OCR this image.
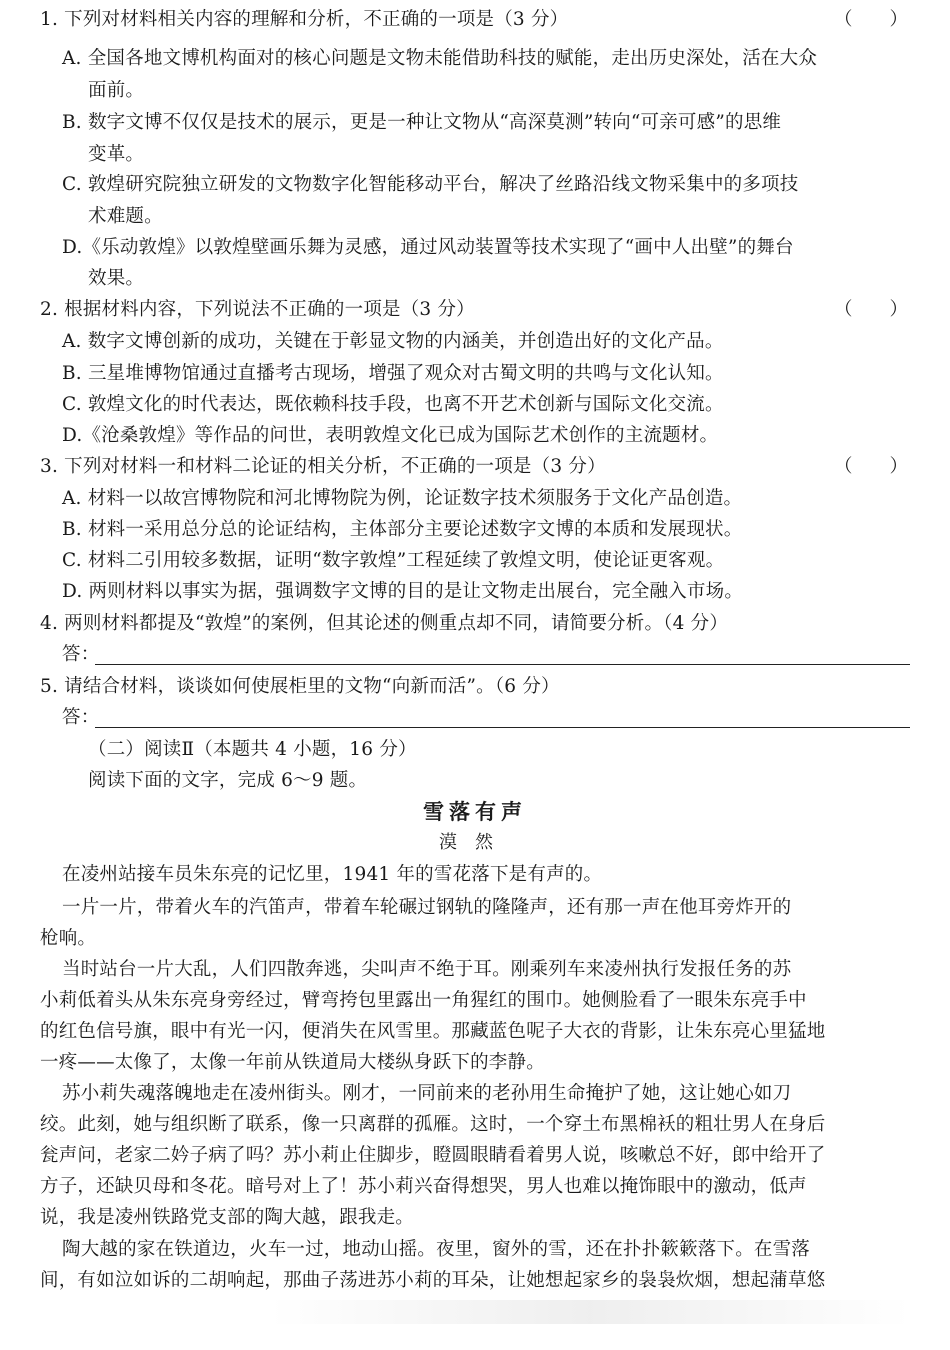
1. 下列对材料相关内容的理解和分析，不正确的一项是（3 分）	（　　）
A. 全国各地文博机构面对的核心问题是文物未能借助科技的赋能，走出历史深处，活在大众
面前。
B. 数字文博不仅仅是技术的展示，更是一种让文物从“高深莫测”转向“可亲可感”的思维
变革。
C. 敦煌研究院独立研发的文物数字化智能移动平台，解决了丝路沿线文物采集中的多项技
术难题。
D.《乐动敦煌》以敦煌壁画乐舞为灵感，通过风动装置等技术实现了“画中人出壁”的舞台
效果。
2. 根据材料内容，下列说法不正确的一项是（3 分）	（　　）
A. 数字文博创新的成功，关键在于彰显文物的内涵美，并创造出好的文化产品。
B. 三星堆博物馆通过直播考古现场，增强了观众对古蜀文明的共鸣与文化认知。
C. 敦煌文化的时代表达，既依赖科技手段，也离不开艺术创新与国际文化交流。
D.《沧桑敦煌》等作品的问世，表明敦煌文化已成为国际艺术创作的主流题材。
3. 下列对材料一和材料二论证的相关分析，不正确的一项是（3 分）	（　　）
A. 材料一以故宫博物院和河北博物院为例，论证数字技术须服务于文化产品创造。
B. 材料一采用总分总的论证结构，主体部分主要论述数字文博的本质和发展现状。
C. 材料二引用较多数据，证明“数字敦煌”工程延续了敦煌文明，使论证更客观。
D. 两则材料以事实为据，强调数字文博的目的是让文物走出展台，完全融入市场。
4. 两则材料都提及“敦煌”的案例，但其论述的侧重点却不同，请简要分析。（4 分）
答：
5. 请结合材料，谈谈如何使展柜里的文物“向新而活”。（6 分）
答：
（二）阅读Ⅱ（本题共 4 小题，16 分）
阅读下面的文字，完成 6～9 题。
雪落有声
漠然
在凌州站接车员朱东亮的记忆里，1941 年的雪花落下是有声的。
一片一片，带着火车的汽笛声，带着车轮碾过钢轨的隆隆声，还有那一声在他耳旁炸开的
枪响。
当时站台一片大乱，人们四散奔逃，尖叫声不绝于耳。刚乘列车来凌州执行发报任务的苏
小莉低着头从朱东亮身旁经过，臂弯挎包里露出一角猩红的围巾。她侧脸看了一眼朱东亮手中
的红色信号旗，眼中有光一闪，便消失在风雪里。那藏蓝色呢子大衣的背影，让朱东亮心里猛地
一疼——太像了，太像一年前从铁道局大楼纵身跃下的李静。
苏小莉失魂落魄地走在凌州街头。刚才，一同前来的老孙用生命掩护了她，这让她心如刀
绞。此刻，她与组织断了联系，像一只离群的孤雁。这时，一个穿土布黑棉袄的粗壮男人在身后
瓮声问，老家二妗子病了吗？苏小莉止住脚步，瞪圆眼睛看着男人说，咳嗽总不好，郎中给开了
方子，还缺贝母和冬花。暗号对上了！苏小莉兴奋得想哭，男人也难以掩饰眼中的激动，低声
说，我是凌州铁路党支部的陶大越，跟我走。
陶大越的家在铁道边，火车一过，地动山摇。夜里，窗外的雪，还在扑扑簌簌落下。在雪落
间，有如泣如诉的二胡响起，那曲子荡进苏小莉的耳朵，让她想起家乡的袅袅炊烟，想起蒲草悠
